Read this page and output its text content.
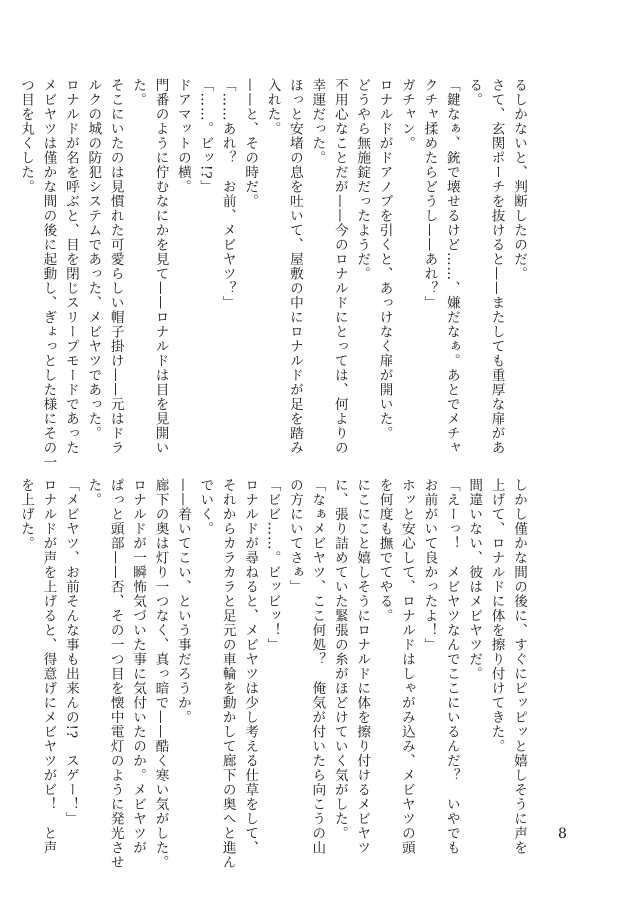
るしかないと、判断したのだ。
さて、玄関ポーチを抜けると——またしても重厚な扉があ
る。
「鍵なぁ、銃で壊せるけど……、嫌だなぁ。あとでメチャ
クチャ揉めたらどうし——あれ？」
ガチャン。
ロナルドがドアノブを引くと、あっけなく扉が開いた。
どうやら無施錠だったようだ。
不用心なことだが——今のロナルドにとっては、何よりの
幸運だった。
ほっと安堵の息を吐いて、屋敷の中にロナルドが足を踏み
入れた。
——と、その時だ。
「……あれ？　お前、メビヤツ？」
「……。ビッ!?」
ドアマットの横。
門番のように佇むなにかを見て——ロナルドは目を見開い
た。
そこにいたのは見慣れた可愛らしい帽子掛け——元はドラ
ルクの城の防犯システムであった、メビヤツであった。
ロナルドが名を呼ぶと、目を閉じスリープモードであった
メビヤツは僅かな間の後に起動し、ぎょっとした様にその一
つ目を丸くした。
しかし僅かな間の後に、すぐにピッピッと嬉しそうに声を
上げて、ロナルドに体を擦り付けてきた。
間違いない、彼はメビヤツだ。
「えーっ！　メビヤツなんでここにいるんだ？　いやでも
お前がいて良かったよ！」
ホッと安心して、ロナルドはしゃがみ込み、メビヤツの頭
を何度も撫でてやる。
にこにこと嬉しそうにロナルドに体を擦り付けるメビヤツ
に、張り詰めていた緊張の糸がほどけていく気がした。
「なぁメビヤツ、ここ何処？　俺気が付いたら向こうの山
の方にいてさぁ」
「ビビ……。ビッビッ！」
ロナルドが尋ねると、メビヤツは少し考える仕草をして、
それからカラカラと足元の車輪を動かして廊下の奥へと進ん
でいく。
——着いてこい、という事だろうか。
廊下の奥は灯り一つなく、真っ暗で——酷く寒い気がした。
ロナルドが一瞬怖気づいた事に気付いたのか。メビヤツが
ぱっと頭部——否、その一つ目を懐中電灯のように発光させ
た。
「メビヤツ、お前そんな事も出来んの!?　スゲー！」
ロナルドが声を上げると、得意げにメビヤツがビ！　と声
を上げた。
8
